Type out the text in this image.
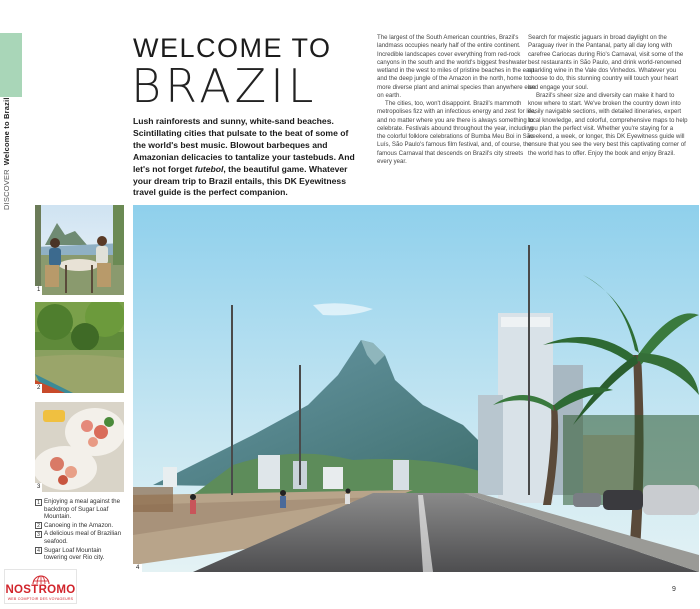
DISCOVERWelcome to Brazil
WELCOME TO
BRAZIL
Lush rainforests and sunny, white-sand beaches. Scintillating cities that pulsate to the beat of some of the world's best music. Blowout barbeques and Amazonian delicacies to tantalize your tastebuds. And let's not forget futebol, the beautiful game. Whatever your dream trip to Brazil entails, this DK Eyewitness travel guide is the perfect companion.

The largest of the South American countries, Brazil's landmass occupies nearly half of the entire continent. Incredible landscapes cover everything from red-rock canyons in the south and the world's biggest freshwater wetland in the west to miles of pristine beaches in the east and the deep jungle of the Amazon in the north, home to more diverse plant and animal species than anywhere else on earth.

The cities, too, won't disappoint. Brazil's mammoth metropolises fizz with an infectious energy and zest for life, and no matter where you are there is always something to celebrate. Festivals abound throughout the year, including the colorful folklore celebrations of Bumba Meu Boi in São Luís, São Paulo's famous film festival, and, of course, the famous Carnaval that descends on Brazil's city streets every year.

Search for majestic jaguars in broad daylight on the Paraguay river in the Pantanal, party all day long with carefree Cariocas during Rio's Carnaval, visit some of the best restaurants in São Paulo, and drink world-renowned sparkling wine in the Vale dos Vinhedos. Whatever you choose to do, this stunning country will touch your heart and engage your soul.

Brazil's sheer size and diversity can make it hard to know where to start. We've broken the country down into easily navigable sections, with detailed itineraries, expert local knowledge, and colorful, comprehensive maps to help you plan the perfect visit. Whether you're staying for a weekend, a week, or longer, this DK Eyewitness guide will ensure that you see the very best this captivating corner of the world has to offer. Enjoy the book and enjoy Brazil.

1
2
3
4
1 Enjoying a meal against the backdrop of Sugar Loaf Mountain.
2 Canoeing in the Amazon.
3 A delicious meal of Brazilian seafood.
4 Sugar Loaf Mountain towering over Rio city.
NOSTROMO
WEB COMPTOIR DES VOYAGEURS
9
